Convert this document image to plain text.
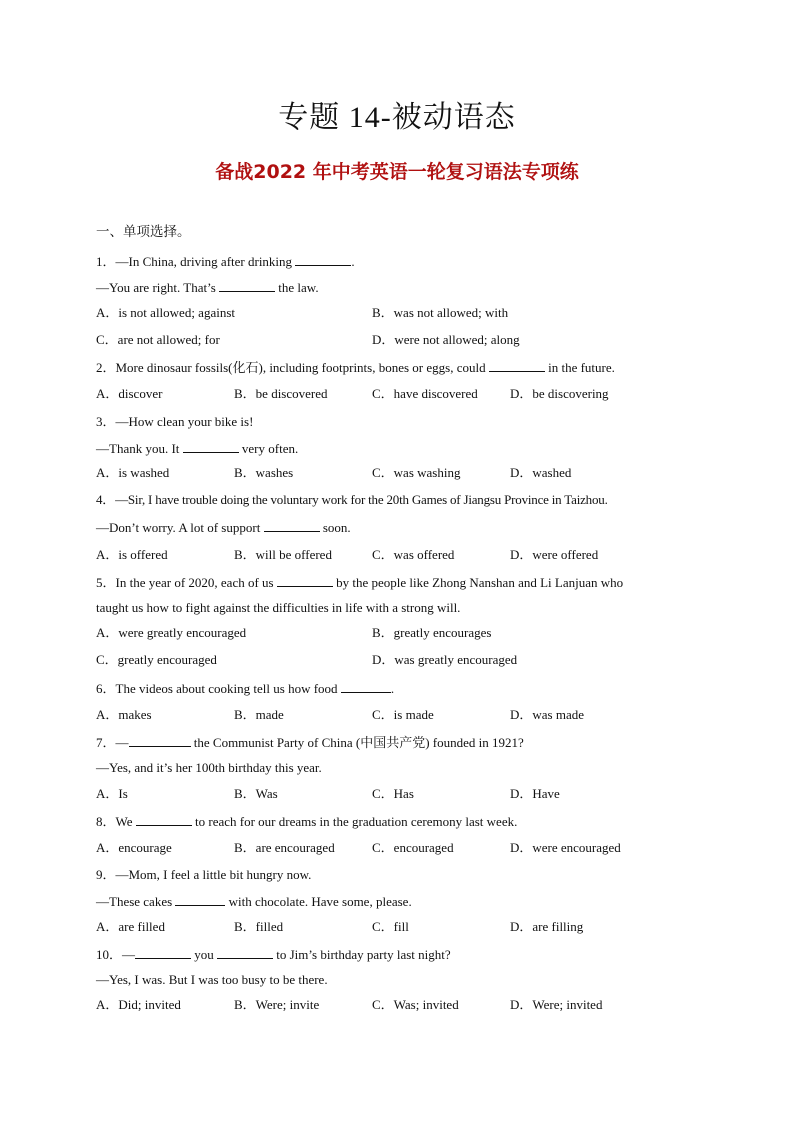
专题 14-被动语态
备战2022 年中考英语一轮复习语法专项练
一、单项选择。
1．—In China, driving after drinking	.
—You are right. That’s	the law.
A．is not allowed; against	B．was not allowed; with
C．are not allowed; for	D．were not allowed; along
2．More dinosaur fossils(化石), including footprints, bones or eggs, could	in the future.
A．discover	B．be discovered	C．have discovered D．be discovering
3．—How clean your bike is!
—Thank you. It	very often.
A．is washed	B．washes	C．was washing	D．washed
4．—Sir, I have trouble doing the voluntary work for the 20th Games of Jiangsu Province in Taizhou.
—Don’t worry. A lot of support	soon.
A．is offered	B．will be offered	C．was offered	D．were offered
5．In the year of 2020, each of us	by the people like Zhong Nanshan and Li Lanjuan who
taught us how to fight against the difficulties in life with a strong will.
A．were greatly encouraged	B．greatly encourages
C．greatly encouraged	D．was greatly encouraged
6．The videos about cooking tell us how food	.
A．makes	B．made	C．is made	D．was made
7．—	the Communist Party of China (中国共产党) founded in 1921?
—Yes, and it’s her 100th birthday this year.
A．Is	B．Was	C．Has	D．Have
8．We	to reach for our dreams in the graduation ceremony last week.
A．encourage	B．are encouraged	C．encouraged	D．were encouraged
9．—Mom, I feel a little bit hungry now.
—These cakes	with chocolate. Have some, please.
A．are filled	B．filled	C．fill	D．are filling
10．—	you	to Jim’s birthday party last night?
—Yes, I was. But I was too busy to be there.
A．Did; invited	B．Were; invite	C．Was; invited	D．Were; invited
